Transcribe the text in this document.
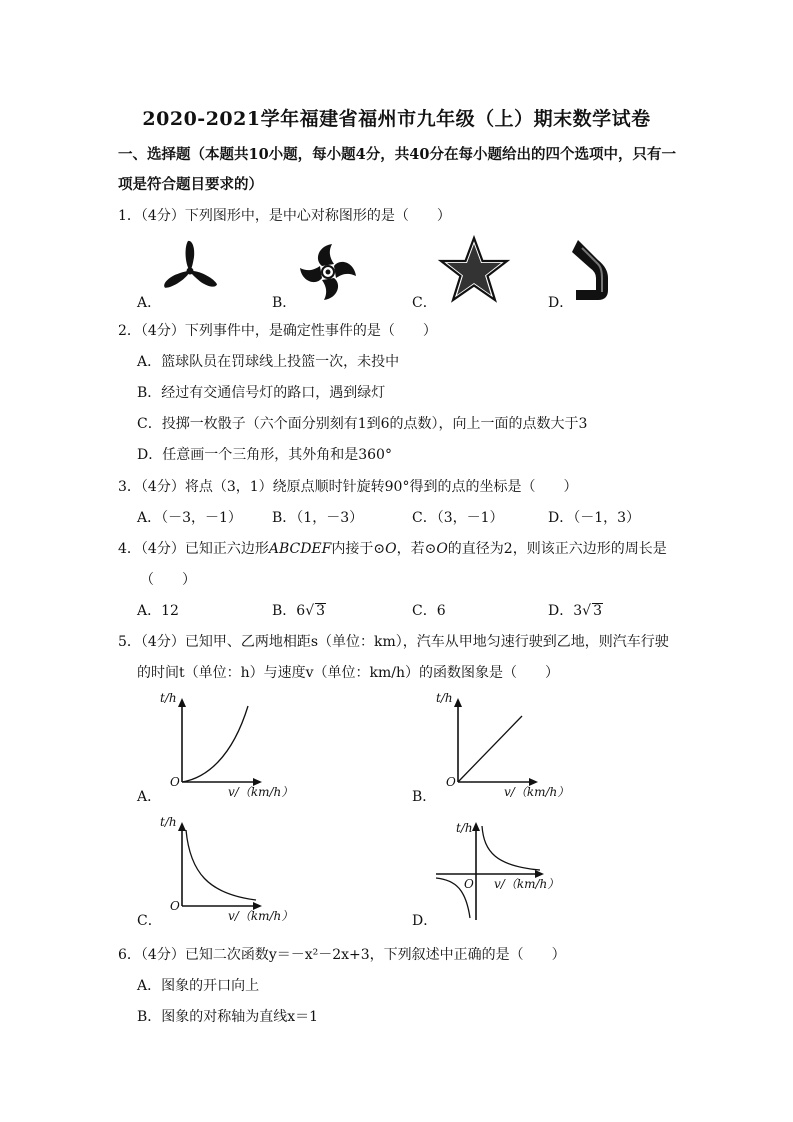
2020-2021学年福建省福州市九年级（上）期末数学试卷
一、选择题（本题共10小题，每小题4分，共40分在每小题给出的四个选项中，只有一
项是符合题目要求的）
1．（4分）下列图形中，是中心对称图形的是（　　）
A．	B．	C．	D．
2．（4分）下列事件中，是确定性事件的是（　　）
A．篮球队员在罚球线上投篮一次，未投中
B．经过有交通信号灯的路口，遇到绿灯
C．投掷一枚骰子（六个面分别刻有1到6的点数），向上一面的点数大于3
D．任意画一个三角形，其外角和是360°
3．（4分）将点（3，1）绕原点顺时针旋转90°得到的点的坐标是（　　）
A．（－3，－1） B．（1，－3）	C．（3，－1）	D．（－1，3）
4．（4分）已知正六边形ABCDEF内接于⊙O，若⊙O的直径为2，则该正六边形的周长是
（　　）
A．12	B．6√ 3	C．6	D．3√ 3
5．（4分）已知甲、乙两地相距s（单位：km），汽车从甲地匀速行驶到乙地，则汽车行驶
的时间t（单位：h）与速度v（单位：km/h）的函数图象是（　　）
A．	B．
C．	D．
t/h
O
v/（km/h）
t/h
O
v/（km/h）
t/h
O
v/（km/h）
t/h
O v/（km/h）
6．（4分）已知二次函数y＝－x²－2x+3，下列叙述中正确的是（　　）
A．图象的开口向上
B．图象的对称轴为直线x＝1
